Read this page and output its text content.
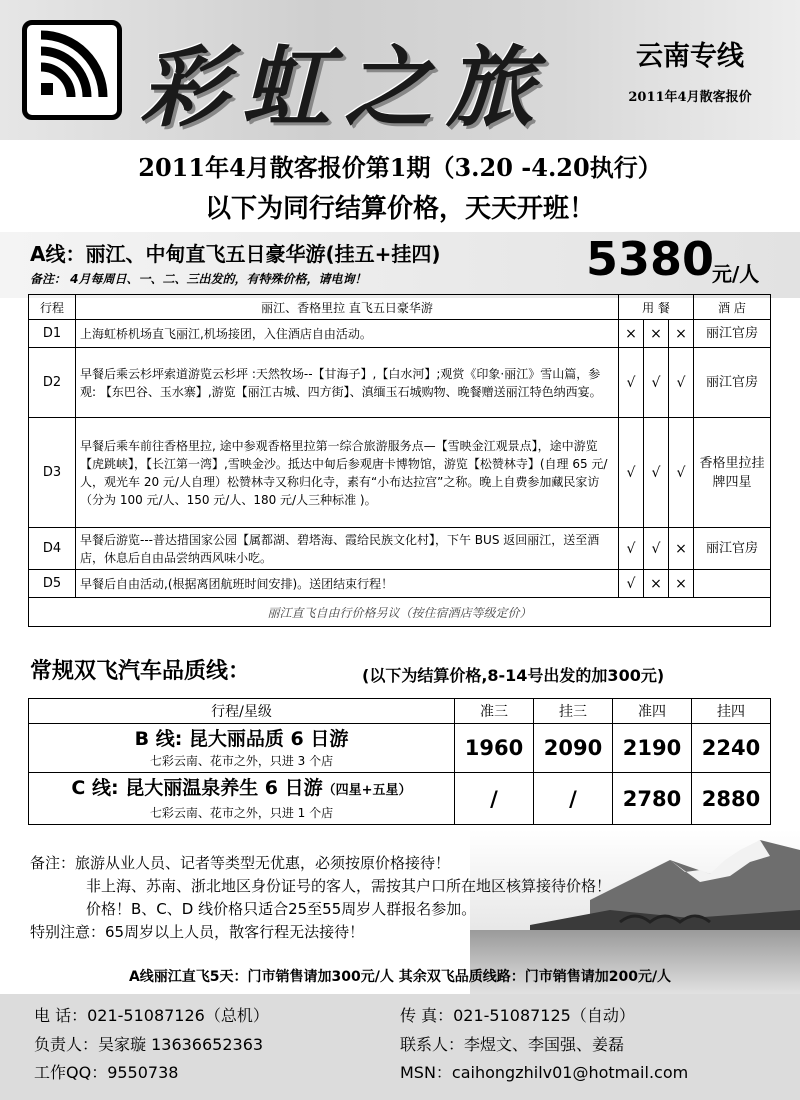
彩虹之旅	云南专线
2011年4月散客报价
2011年4月散客报价第1期（3.20 -4.20执行）
以下为同行结算价格，天天开班！
A线：丽江、中甸直飞五日豪华游(挂五+挂四)
备注： 4月每周日、一、二、三出发的，有特殊价格，请电询！	5380
元/人
行程	丽江、香格里拉 直飞五日豪华游	用 餐			酒 店
D1	上海虹桥机场直飞丽江,机场接团，入住酒店自由活动。	×	×	×	丽江官房
D2	早餐后乘云杉坪索道游览云杉坪 :天然牧场--【甘海子】,【白水河】;观赏《印象·丽江》雪山篇，参观: 【东巴谷、玉水寨】,游览【丽江古城、四方街】、滇缅玉石城购物、晚餐赠送丽江特色纳西宴。	√	√	√	丽江官房
D3	早餐后乘车前往香格里拉, 途中参观香格里拉第一综合旅游服务点—【雪映金江观景点】，途中游览【虎跳峡】，【长江第一湾】,雪映金沙。抵达中甸后参观唐卡博物馆，游览【松赞林寺】(自理 65 元/人，观光车 20 元/人自理）松赞林寺又称归化寺，素有“小布达拉宫”之称。晚上自费参加藏民家访（分为 100 元/人、150 元/人、180 元/人三种标准 )。	√	√	√	香格里拉挂牌四星
D4	早餐后游览---普达措国家公园【属都湖、碧塔海、霞给民族文化村】，下午 BUS 返回丽江，送至酒店，休息后自由品尝纳西风味小吃。	√	√	×	丽江官房
D5	早餐后自由活动,(根据离团航班时间安排)。送团结束行程！	√	×	×	
丽江直飞自由行价格另议（按住宿酒店等级定价）					
常规双飞汽车品质线：	(以下为结算价格,8-14号出发的加300元)
行程/星级	准三	挂三	准四	挂四

B 线: 昆大丽品质 6 日游
七彩云南、花市之外，只进 3 个店	1960	2090	2190	2240

C 线: 昆大丽温泉养生 6 日游（四星+五星）
七彩云南、花市之外，只进 1 个店	/	/	2780	2880
备注：旅游从业人员、记者等类型无优惠，必须按原价格接待！
非上海、苏南、浙北地区身份证号的客人，需按其户口所在地区核算接待价格！
价格！B、C、D 线价格只适合25至55周岁人群报名参加。
特别注意：65周岁以上人员，散客行程无法接待！
A线丽江直飞5天：门市销售请加300元/人 其余双飞品质线路：门市销售请加200元/人
电 话：021-51087126（总机）	传 真：021-51087125（自动）
负责人：吴家璇 13636652363	联系人：李煜文、李国强、姜磊
工作QQ：9550738	MSN：caihongzhilv01@hotmail.com
